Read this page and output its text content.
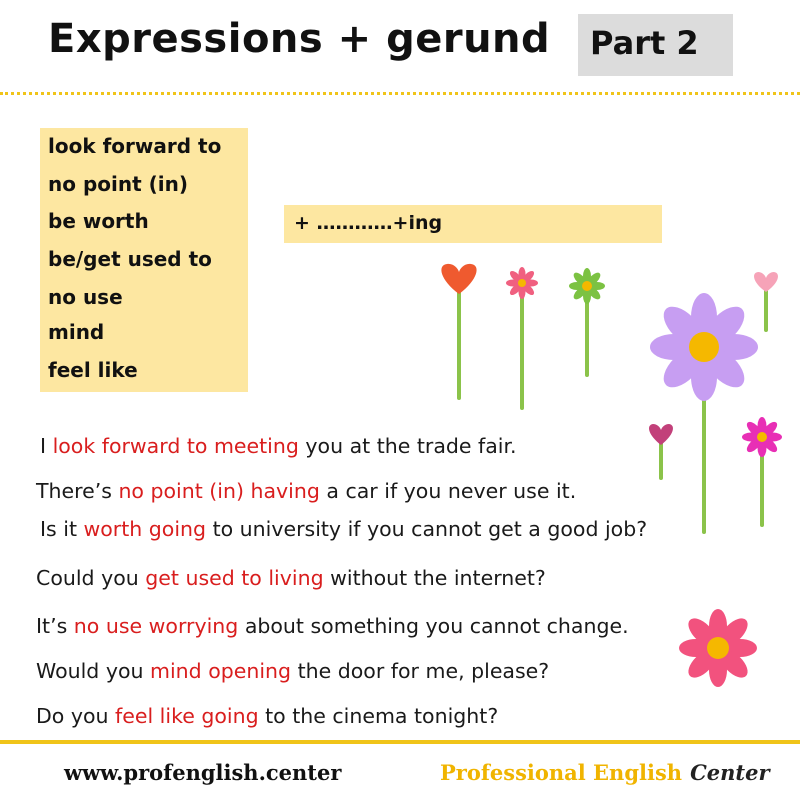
Expressions + gerund Part 2
look forward to
no point (in)
be worth
be/get used to
no use
mind
feel like
+ …………+ing
I look forward to meeting you at the trade fair.
There’s no point (in) having a car if you never use it.
Is it worth going to university if you cannot get a good job?
Could you get used to living without the internet?
It’s no use worrying about something you cannot change.
Would you mind opening the door for me, please?
Do you feel like going to the cinema tonight?
www.profenglish.center	Professional English Center
